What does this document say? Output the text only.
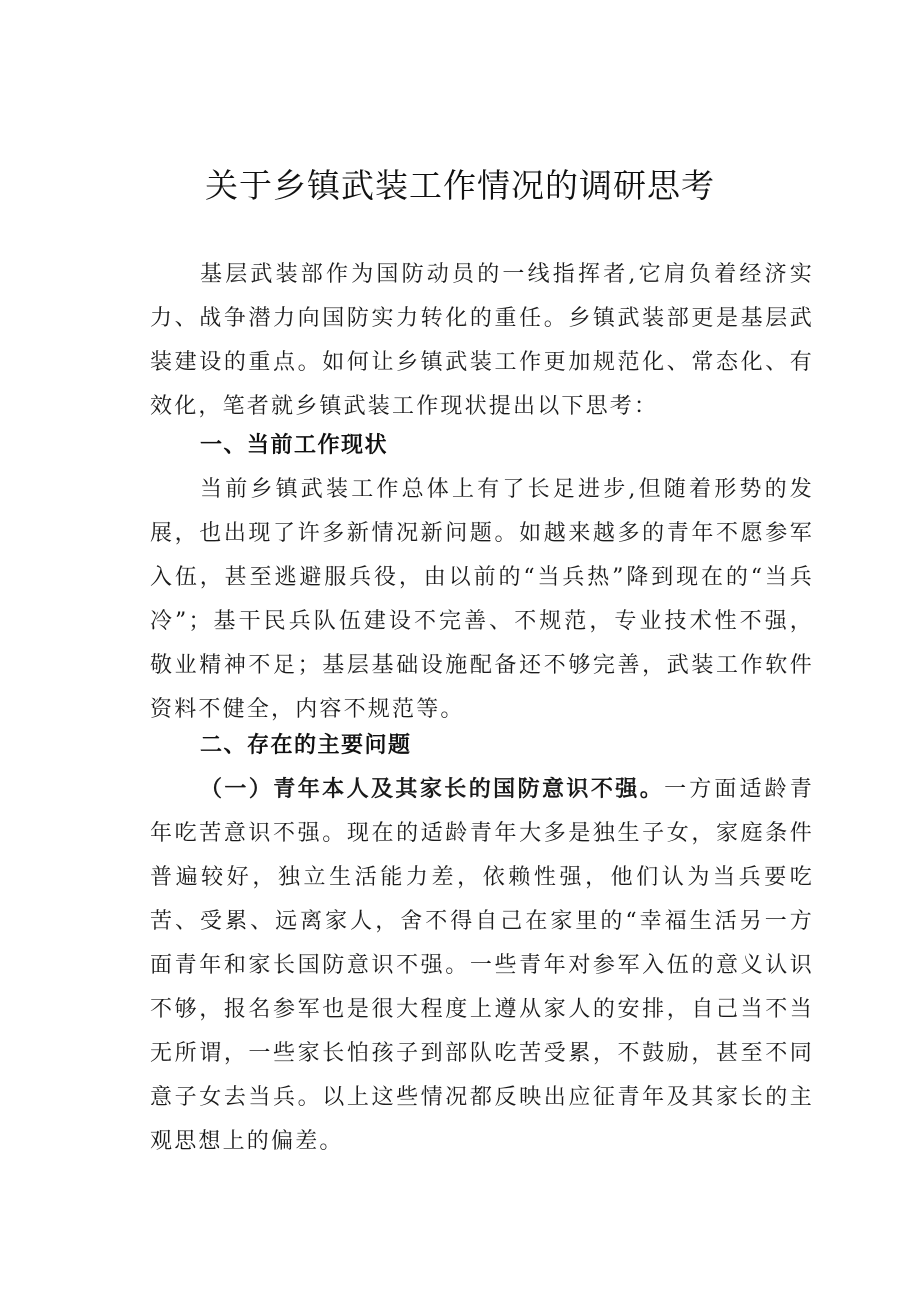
关于乡镇武装工作情况的调研思考

基层武装部作为国防动员的一线指挥者,它肩负着经济实力、战争潜力向国防实力转化的重任。乡镇武装部更是基层武装建设的重点。如何让乡镇武装工作更加规范化、常态化、有效化，笔者就乡镇武装工作现状提出以下思考：

一、当前工作现状

当前乡镇武装工作总体上有了长足进步,但随着形势的发展，也出现了许多新情况新问题。如越来越多的青年不愿参军入伍，甚至逃避服兵役，由以前的“当兵热”降到现在的“当兵冷”；基干民兵队伍建设不完善、不规范，专业技术性不强，敬业精神不足；基层基础设施配备还不够完善，武装工作软件资料不健全，内容不规范等。

二、存在的主要问题

（一）青年本人及其家长的国防意识不强。一方面适龄青年吃苦意识不强。现在的适龄青年大多是独生子女，家庭条件普遍较好，独立生活能力差，依赖性强，他们认为当兵要吃苦、受累、远离家人，舍不得自己在家里的“幸福生活另一方面青年和家长国防意识不强。一些青年对参军入伍的意义认识不够，报名参军也是很大程度上遵从家人的安排，自己当不当无所谓，一些家长怕孩子到部队吃苦受累，不鼓励，甚至不同意子女去当兵。以上这些情况都反映出应征青年及其家长的主观思想上的偏差。
